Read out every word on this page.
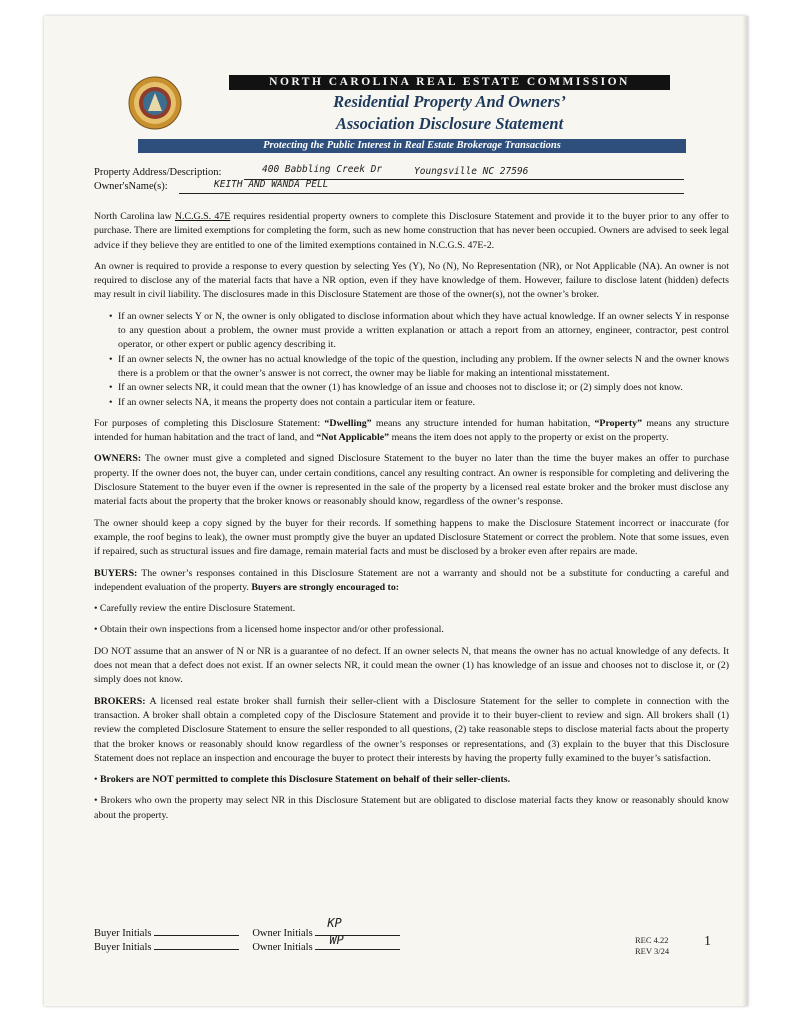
NORTH CAROLINA REAL ESTATE COMMISSION
Residential Property And Owners’
Association Disclosure Statement
Protecting the Public Interest in Real Estate Brokerage Transactions
Property Address/Description:	400 Babbling Creek Dr	Youngsville NC 27596
Owner'sName(s):	KEITH AND WANDA PELL

North Carolina law N.C.G.S. 47E requires residential property owners to complete this Disclosure Statement and provide it to the buyer prior to any offer to purchase. There are limited exemptions for completing the form, such as new home construction that has never been occupied. Owners are advised to seek legal advice if they believe they are entitled to one of the limited exemptions contained in N.C.G.S. 47E-2.

An owner is required to provide a response to every question by selecting Yes (Y), No (N), No Representation (NR), or Not Applicable (NA). An owner is not required to disclose any of the material facts that have a NR option, even if they have knowledge of them. However, failure to disclose latent (hidden) defects may result in civil liability. The disclosures made in this Disclosure Statement are those of the owner(s), not the owner’s broker.

• If an owner selects Y or N, the owner is only obligated to disclose information about which they have actual knowledge. If an owner selects Y in response to any question about a problem, the owner must provide a written explanation or attach a report from an attorney, engineer, contractor, pest control operator, or other expert or public agency describing it.
• If an owner selects N, the owner has no actual knowledge of the topic of the question, including any problem. If the owner selects N and the owner knows there is a problem or that the owner’s answer is not correct, the owner may be liable for making an intentional misstatement.
• If an owner selects NR, it could mean that the owner (1) has knowledge of an issue and chooses not to disclose it; or (2) simply does not know.
• If an owner selects NA, it means the property does not contain a particular item or feature.

For purposes of completing this Disclosure Statement: “Dwelling” means any structure intended for human habitation, “Property” means any structure intended for human habitation and the tract of land, and “Not Applicable” means the item does not apply to the property or exist on the property.

OWNERS: The owner must give a completed and signed Disclosure Statement to the buyer no later than the time the buyer makes an offer to purchase property. If the owner does not, the buyer can, under certain conditions, cancel any resulting contract. An owner is responsible for completing and delivering the Disclosure Statement to the buyer even if the owner is represented in the sale of the property by a licensed real estate broker and the broker must disclose any material facts about the property that the broker knows or reasonably should know, regardless of the owner’s response.

The owner should keep a copy signed by the buyer for their records. If something happens to make the Disclosure Statement incorrect or inaccurate (for example, the roof begins to leak), the owner must promptly give the buyer an updated Disclosure Statement or correct the problem. Note that some issues, even if repaired, such as structural issues and fire damage, remain material facts and must be disclosed by a broker even after repairs are made.

BUYERS: The owner’s responses contained in this Disclosure Statement are not a warranty and should not be a substitute for conducting a careful and independent evaluation of the property. Buyers are strongly encouraged to:

• Carefully review the entire Disclosure Statement.

• Obtain their own inspections from a licensed home inspector and/or other professional.

DO NOT assume that an answer of N or NR is a guarantee of no defect. If an owner selects N, that means the owner has no actual knowledge of any defects. It does not mean that a defect does not exist. If an owner selects NR, it could mean the owner (1) has knowledge of an issue and chooses not to disclose it, or (2) simply does not know.

BROKERS: A licensed real estate broker shall furnish their seller-client with a Disclosure Statement for the seller to complete in connection with the transaction. A broker shall obtain a completed copy of the Disclosure Statement and provide it to their buyer-client to review and sign. All brokers shall (1) review the completed Disclosure Statement to ensure the seller responded to all questions, (2) take reasonable steps to disclose material facts about the property that the broker knows or reasonably should know regardless of the owner’s responses or representations, and (3) explain to the buyer that this Disclosure Statement does not replace an inspection and encourage the buyer to protect their interests by having the property fully examined to the buyer’s satisfaction.

• Brokers are NOT permitted to complete this Disclosure Statement on behalf of their seller-clients.

• Brokers who own the property may select NR in this Disclosure Statement but are obligated to disclose material facts they know or reasonably should know about the property.

Buyer Initials	Owner Initials
KP
Buyer Initials	Owner Initials
WP	REC 4.22
REV 3/24
1
